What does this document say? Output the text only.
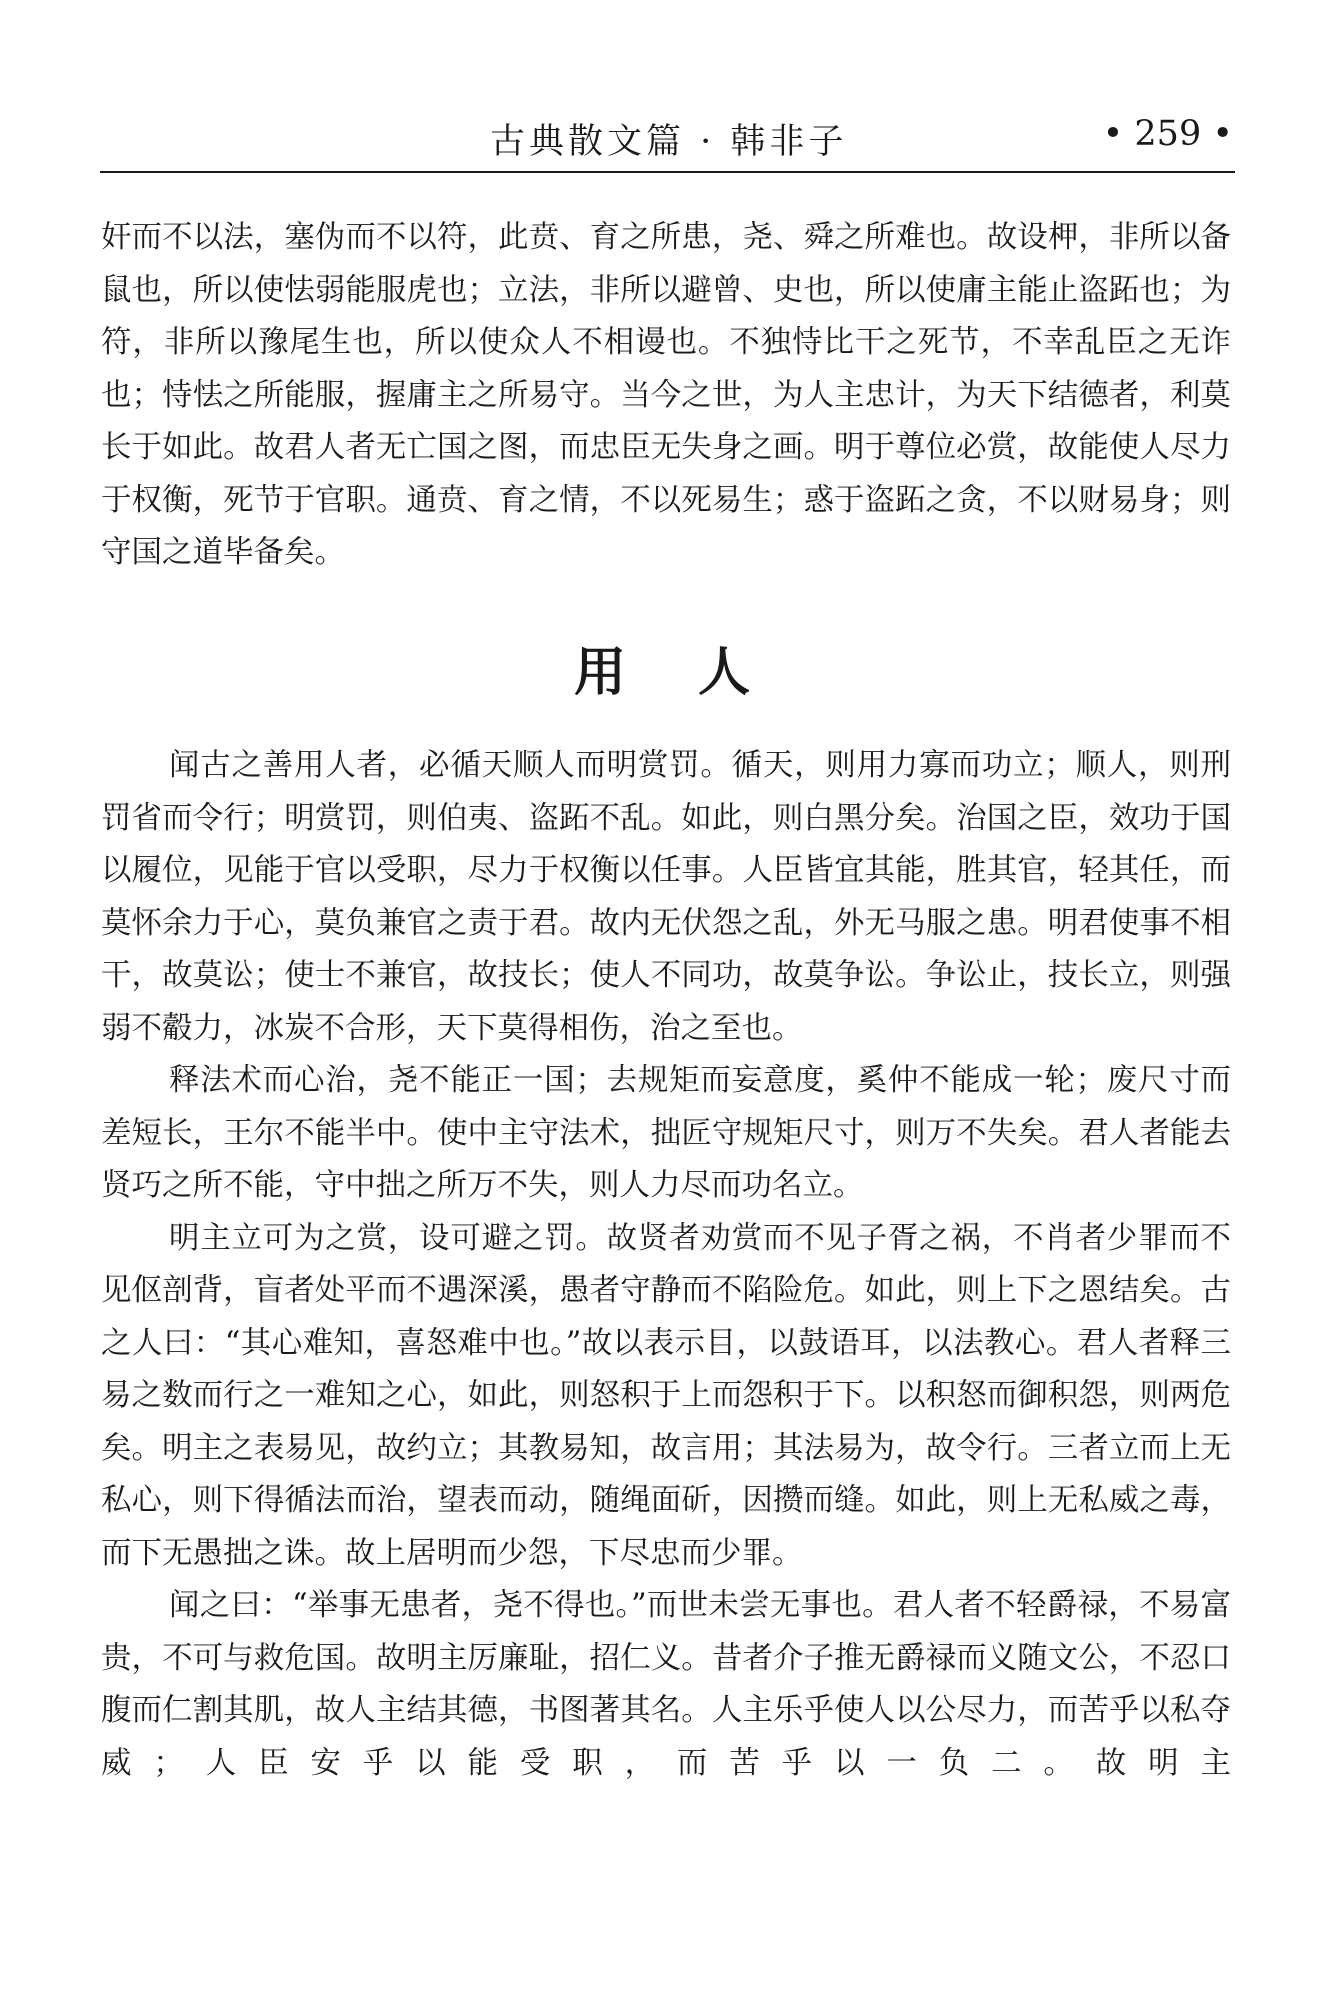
古典散文篇 · 韩非子	• 259 •

奸而不以法，塞伪而不以符，此贲、育之所患，尧、舜之所难也。故设柙，非所以备鼠也，所以使怯弱能服虎也；立法，非所以避曾、史也，所以使庸主能止盗跖也；为符，非所以豫尾生也，所以使众人不相谩也。不独恃比干之死节，不幸乱臣之无诈也；恃怯之所能服，握庸主之所易守。当今之世，为人主忠计，为天下结德者，利莫长于如此。故君人者无亡国之图，而忠臣无失身之画。明于尊位必赏，故能使人尽力于权衡，死节于官职。通贲、育之情，不以死易生；惑于盗跖之贪，不以财易身；则守国之道毕备矣。

用人

闻古之善用人者，必循天顺人而明赏罚。循天，则用力寡而功立；顺人，则刑罚省而令行；明赏罚，则伯夷、盗跖不乱。如此，则白黑分矣。治国之臣，效功于国以履位，见能于官以受职，尽力于权衡以任事。人臣皆宜其能，胜其官，轻其任，而莫怀余力于心，莫负兼官之责于君。故内无伏怨之乱，外无马服之患。明君使事不相干，故莫讼；使士不兼官，故技长；使人不同功，故莫争讼。争讼止，技长立，则强弱不觳力，冰炭不合形，天下莫得相伤，治之至也。

释法术而心治，尧不能正一国；去规矩而妄意度，奚仲不能成一轮；废尺寸而差短长，王尔不能半中。使中主守法术，拙匠守规矩尺寸，则万不失矣。君人者能去贤巧之所不能，守中拙之所万不失，则人力尽而功名立。

明主立可为之赏，设可避之罚。故贤者劝赏而不见子胥之祸，不肖者少罪而不见伛剖背，盲者处平而不遇深溪，愚者守静而不陷险危。如此，则上下之恩结矣。古之人曰：“其心难知，喜怒难中也。”故以表示目，以鼓语耳，以法教心。君人者释三易之数而行之一难知之心，如此，则怒积于上而怨积于下。以积怒而御积怨，则两危矣。明主之表易见，故约立；其教易知，故言用；其法易为，故令行。三者立而上无私心，则下得循法而治，望表而动，随绳面斫，因攒而缝。如此，则上无私威之毒，而下无愚拙之诛。故上居明而少怨，下尽忠而少罪。

闻之曰：“举事无患者，尧不得也。”而世未尝无事也。君人者不轻爵禄，不易富贵，不可与救危国。故明主厉廉耻，招仁义。昔者介子推无爵禄而义随文公，不忍口腹而仁割其肌，故人主结其德，书图著其名。人主乐乎使人以公尽力，而苦乎以私夺威；人臣安乎以能受职，而苦乎以一负二。故明主
